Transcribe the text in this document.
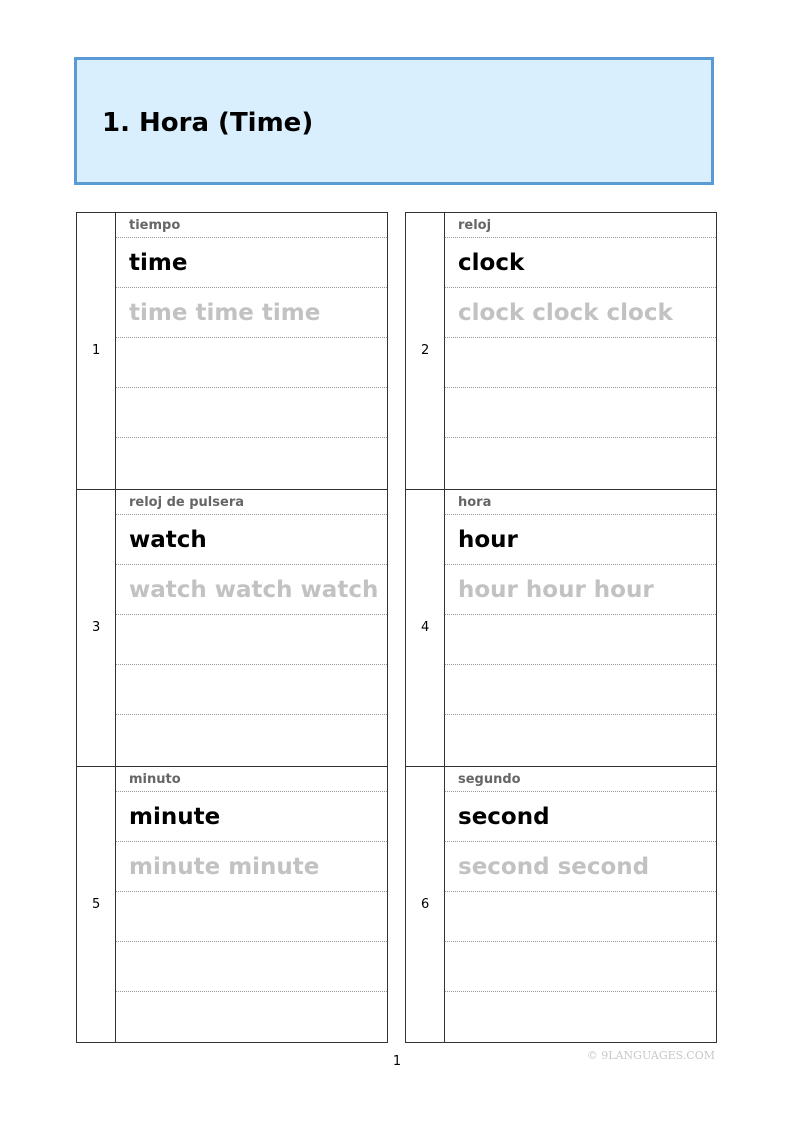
1. Hora (Time)
1
tiempo
time
time time time
2
reloj
clock
clock clock clock
3
reloj de pulsera
watch
watch watch watch
4
hora
hour
hour hour hour
5
minuto
minute
minute minute
6
segundo
second
second second
1	© 9LANGUAGES.COM
